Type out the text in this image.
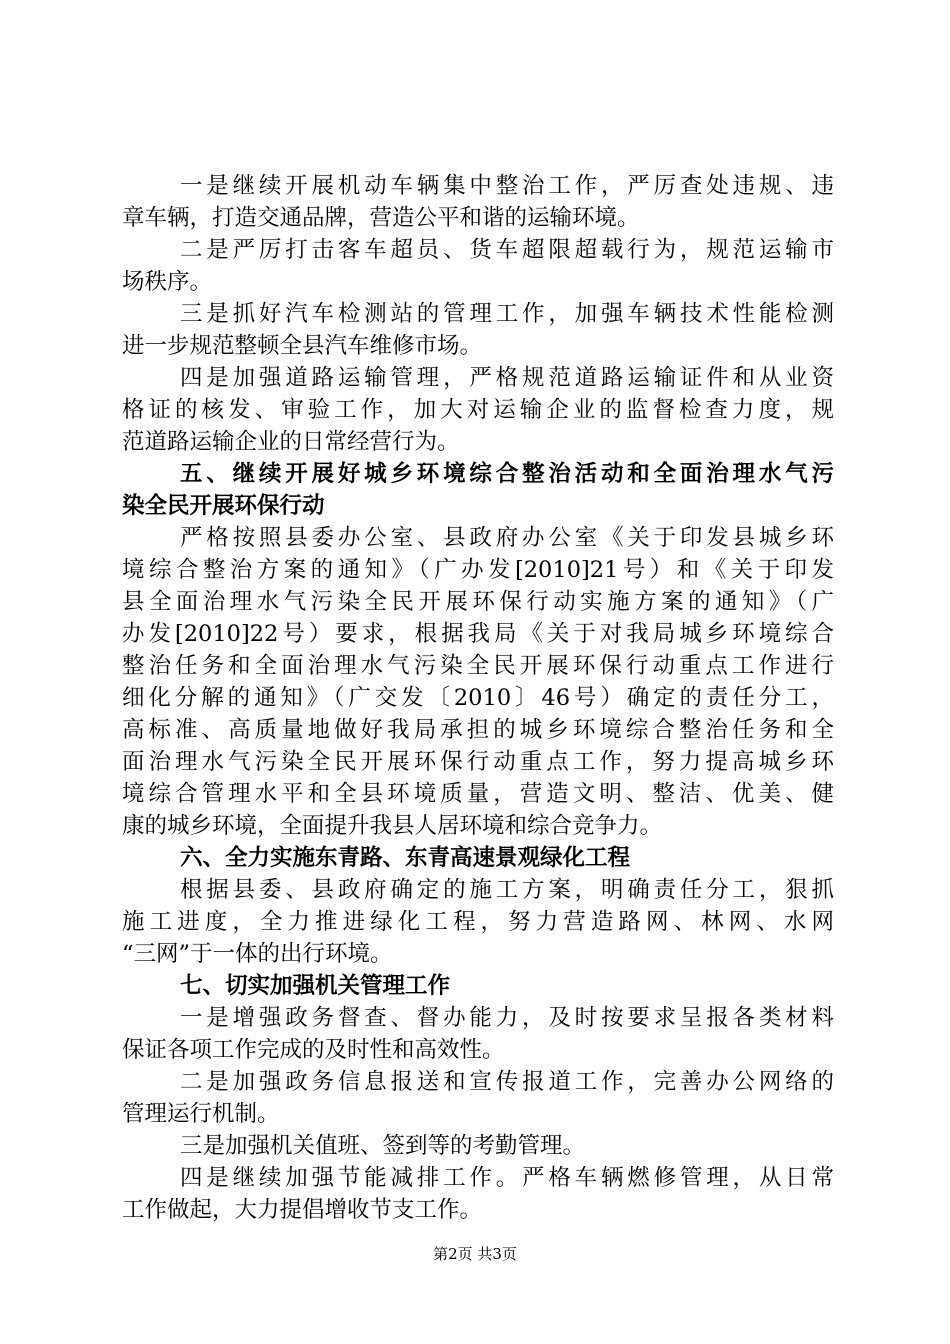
一是继续开展机动车辆集中整治工作，严厉查处违规、违
章车辆，打造交通品牌，营造公平和谐的运输环境。
二是严厉打击客车超员、货车超限超载行为，规范运输市
场秩序。
三是抓好汽车检测站的管理工作，加强车辆技术性能检测
进一步规范整顿全县汽车维修市场。
四是加强道路运输管理，严格规范道路运输证件和从业资
格证的核发、审验工作，加大对运输企业的监督检查力度，规
范道路运输企业的日常经营行为。
五、继续开展好城乡环境综合整治活动和全面治理水气污
染全民开展环保行动
严格按照县委办公室、县政府办公室《关于印发县城乡环
境综合整治方案的通知》（广办发[2010]21号）和《关于印发
县全面治理水气污染全民开展环保行动实施方案的通知》（广
办发[2010]22号）要求，根据我局《关于对我局城乡环境综合
整治任务和全面治理水气污染全民开展环保行动重点工作进行
细化分解的通知》（广交发〔2010〕46号）确定的责任分工，
高标准、高质量地做好我局承担的城乡环境综合整治任务和全
面治理水气污染全民开展环保行动重点工作，努力提高城乡环
境综合管理水平和全县环境质量，营造文明、整洁、优美、健
康的城乡环境，全面提升我县人居环境和综合竞争力。
六、全力实施东青路、东青高速景观绿化工程
根据县委、县政府确定的施工方案，明确责任分工，狠抓
施工进度，全力推进绿化工程，努力营造路网、林网、水网
“三网”于一体的出行环境。
七、切实加强机关管理工作
一是增强政务督查、督办能力，及时按要求呈报各类材料
保证各项工作完成的及时性和高效性。
二是加强政务信息报送和宣传报道工作，完善办公网络的
管理运行机制。
三是加强机关值班、签到等的考勤管理。
四是继续加强节能减排工作。严格车辆燃修管理，从日常
工作做起，大力提倡增收节支工作。
第2页 共3页
